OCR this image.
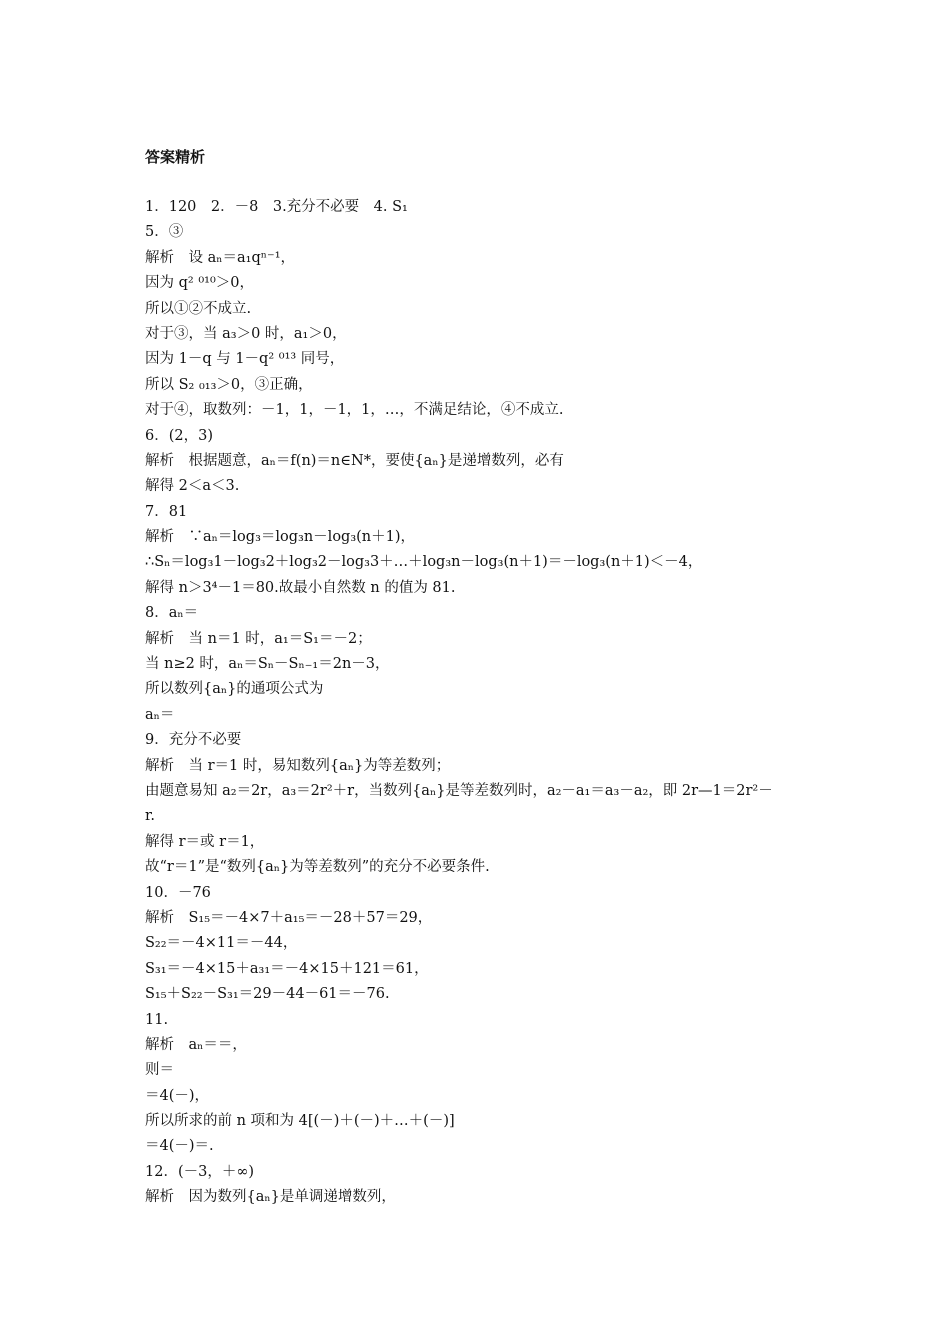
答案精析
1．120　2．－8　3.充分不必要　4. S₁
5．③
解析　设 aₙ＝a₁qⁿ⁻¹，
因为 q² ⁰¹⁰＞0，
所以①②不成立.
对于③，当 a₃＞0 时，a₁＞0，
因为 1－q 与 1－q² ⁰¹³ 同号，
所以 S₂ ₀₁₃＞0，③正确，
对于④，取数列：－1，1，－1，1，…，不满足结论，④不成立.
6．(2，3)
解析　根据题意，aₙ＝f(n)＝n∈N*，要使{aₙ}是递增数列，必有
解得 2＜a＜3.
7．81
解析　∵aₙ＝log₃＝log₃n－log₃(n＋1)，
∴Sₙ＝log₃1－log₃2＋log₃2－log₃3＋…＋log₃n－log₃(n＋1)＝－log₃(n＋1)＜－4，
解得 n＞3⁴－1＝80.故最小自然数 n 的值为 81.
8．aₙ＝
解析　当 n＝1 时，a₁＝S₁＝－2；
当 n≥2 时，aₙ＝Sₙ－Sₙ₋₁＝2n－3，
所以数列{aₙ}的通项公式为
aₙ＝
9．充分不必要
解析　当 r＝1 时，易知数列{aₙ}为等差数列；
由题意易知 a₂＝2r，a₃＝2r²＋r，当数列{aₙ}是等差数列时，a₂－a₁＝a₃－a₂，即 2r—1＝2r²－
r.
解得 r＝或 r＝1，
故“r＝1”是“数列{aₙ}为等差数列”的充分不必要条件.
10．－76
解析　S₁₅＝－4×7＋a₁₅＝－28＋57＝29，
S₂₂＝－4×11＝－44，
S₃₁＝－4×15＋a₃₁＝－4×15＋121＝61，
S₁₅＋S₂₂－S₃₁＝29－44－61＝－76.
11.
解析　aₙ＝＝，
则＝
＝4(－)，
所以所求的前 n 项和为 4[(－)＋(－)＋…＋(－)]
＝4(－)＝.
12．(－3，＋∞)
解析　因为数列{aₙ}是单调递增数列，
